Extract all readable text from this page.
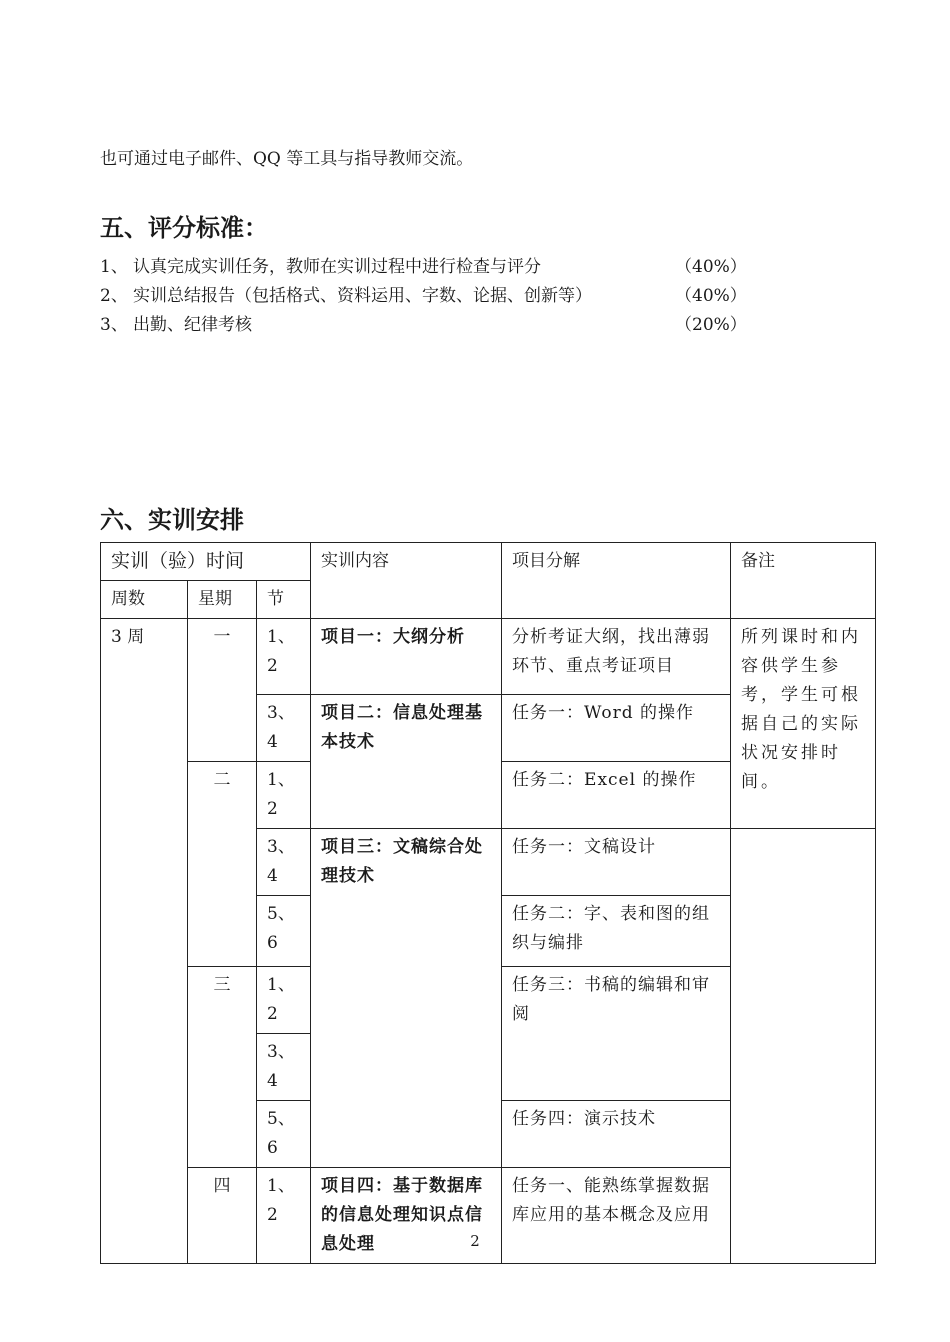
也可通过电子邮件、QQ 等工具与指导教师交流。
五、评分标准：
1、 认真完成实训任务，教师在实训过程中进行检查与评分	（40%）
2、 实训总结报告（包括格式、资料运用、字数、论据、创新等）	（40%）
3、 出勤、纪律考核	（20%）
六、实训安排
实训（验）时间			实训内容	项目分解	备注
周数	星期	节			
3 周	一	1、2	项目一：大纲分析	分析考证大纲，找出薄弱环节、重点考证项目	所列课时和内容供学生参考，学生可根据自己的实际状况安排时间。
		3、4	项目二：信息处理基本技术	任务一：Word 的操作	
	二	1、2		任务二：Excel 的操作	
		3、4	项目三：文稿综合处理技术	任务一：文稿设计	
		5、6		任务二：字、表和图的组织与编排	
	三	1、2		任务三：书稿的编辑和审阅	
		3、4			
		5、6		任务四：演示技术	
	四	1、2	项目四：基于数据库的信息处理知识点信息处理	任务一、能熟练掌握数据库应用的基本概念及应用	
2
